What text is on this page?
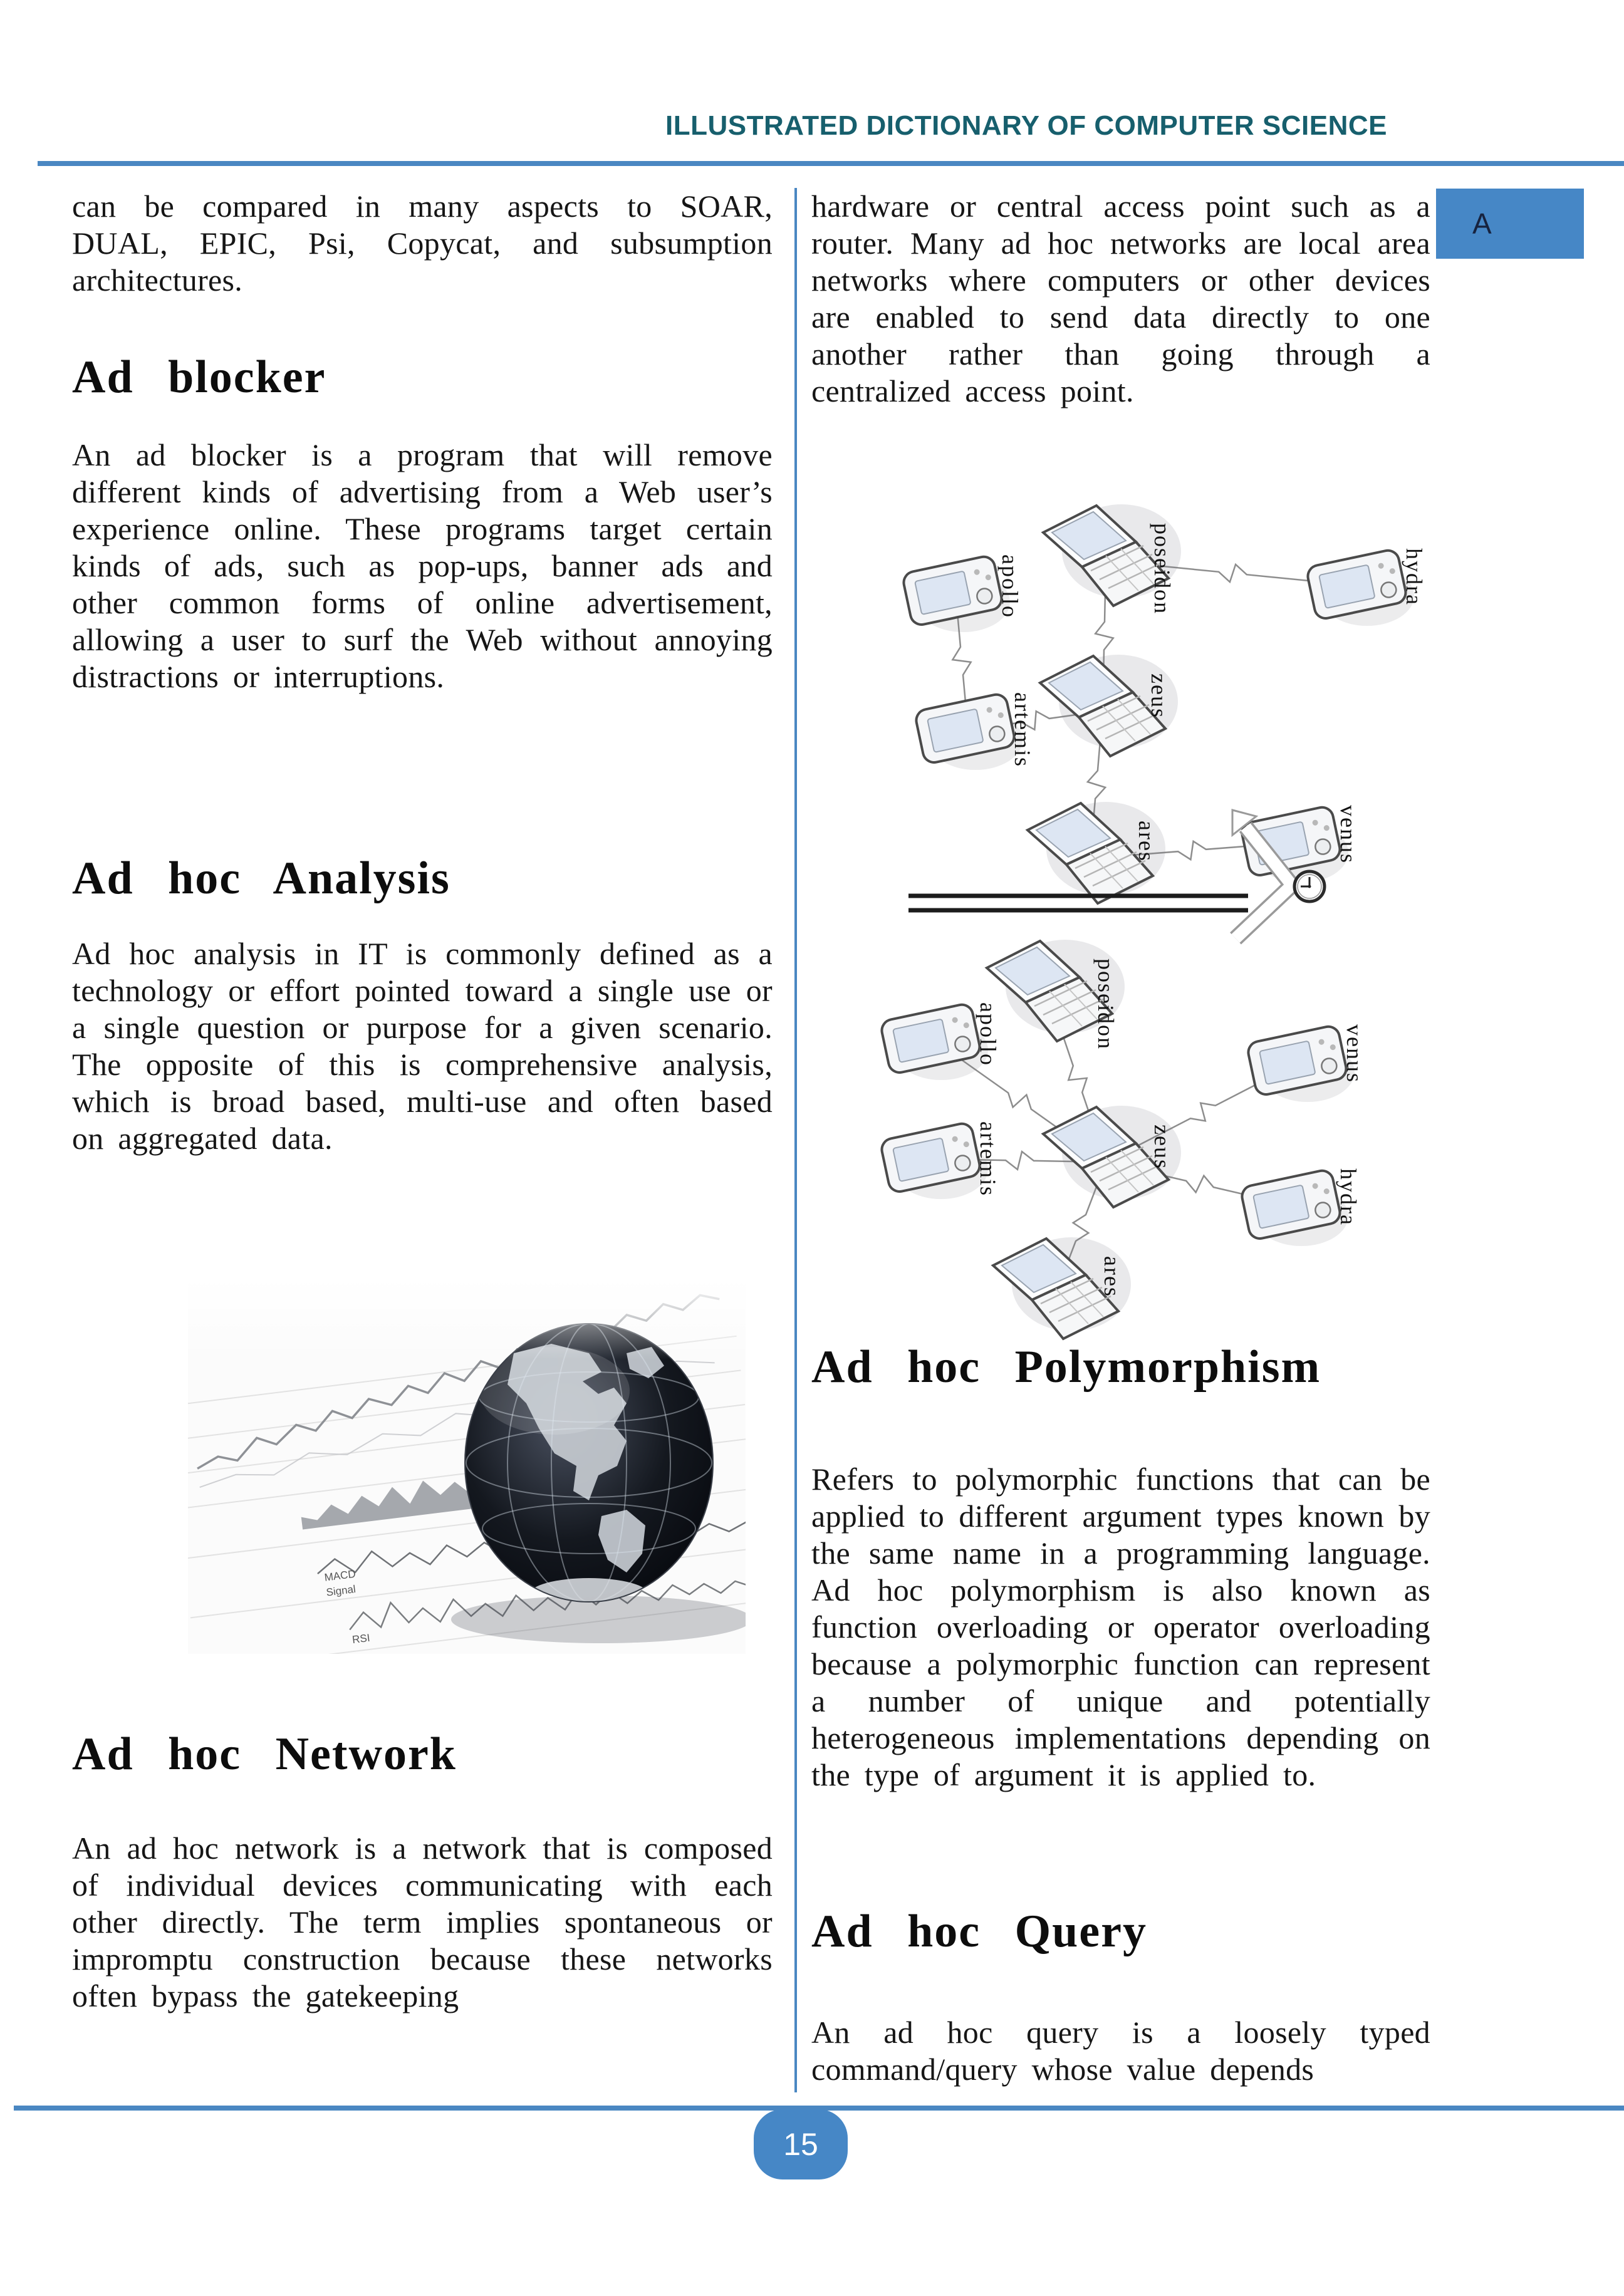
ILLUSTRATED DICTIONARY OF COMPUTER SCIENCE
A
can be compared in many aspects to SOAR, DUAL, EPIC, Psi, Copycat, and subsumption architectures.
Ad blocker
An ad blocker is a program that will remove different kinds of advertising from a Web user’s experience online. These programs target certain kinds of ads, such as pop-ups, banner ads and other common forms of online advertisement, allowing a user to surf the Web without annoying distractions or interruptions.
Ad hoc Analysis
Ad hoc analysis in IT is commonly defined as a technology or effort pointed toward a single use or a single question or purpose for a given scenario. The opposite of this is comprehensive analysis, which is broad based, multi-use and often based on aggregated data.
MACD
Signal
RSI
Ad hoc Network
An ad hoc network is a network that is composed of individual devices communicating with each other directly. The term implies spontaneous or impromptu construction because these networks often bypass the gatekeeping
hardware or central access point such as a router. Many ad hoc networks are local area networks where computers or other devices are enabled to send data directly to one another rather than going through a centralized access point.
apollo	poseidon	hydra
zeus
artemis
ares	venus
poseidon
apollo	venus
artemis	zeus
hydra
ares
Ad hoc Polymorphism
Refers to polymorphic functions that can be applied to different argument types known by the same name in a programming language. Ad hoc polymorphism is also known as function overloading or operator overloading because a polymorphic function can represent a number of unique and potentially heterogeneous implementations depending on the type of argument it is applied to.
Ad hoc Query
An ad hoc query is a loosely typed command/query whose value depends
15
